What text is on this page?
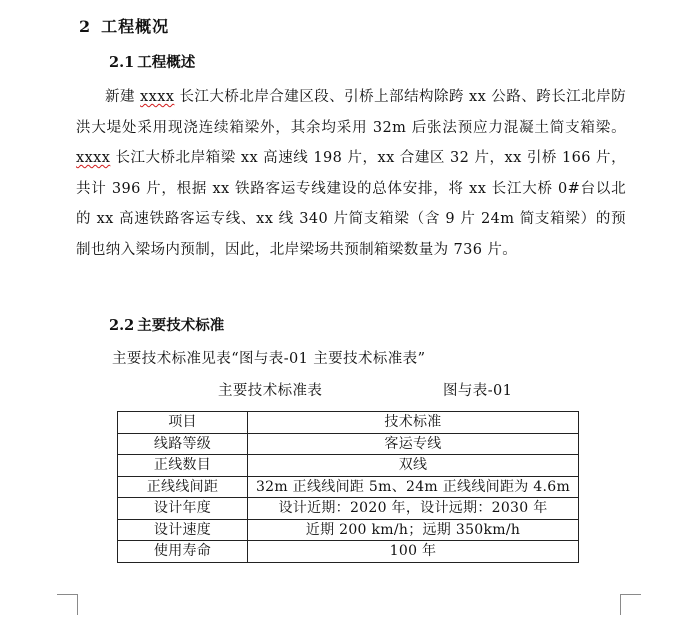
2 工程概况
2.1 工程概述

新建 xxxx 长江大桥北岸合建区段、引桥上部结构除跨 xx 公路、跨长江北岸防洪大堤处采用现浇连续箱梁外，其余均采用 32m 后张法预应力混凝土简支箱梁。xxxx 长江大桥北岸箱梁 xx 高速线 198 片，xx 合建区 32 片，xx 引桥 166 片，共计 396 片，根据 xx 铁路客运专线建设的总体安排，将 xx 长江大桥 0#台以北的 xx 高速铁路客运专线、xx 线 340 片简支箱梁（含 9 片 24m 简支箱梁）的预制也纳入梁场内预制，因此，北岸梁场共预制箱梁数量为 736 片。

2.2 主要技术标准
主要技术标准见表“图与表-01 主要技术标准表”
主要技术标准表	图与表-01
项目	技术标准
线路等级	客运专线
正线数目	双线
正线线间距	32m 正线线间距 5m、24m 正线线间距为 4.6m
设计年度	设计近期：2020 年，设计远期：2030 年
设计速度	近期 200 km/h；远期 350km/h
使用寿命	100 年
